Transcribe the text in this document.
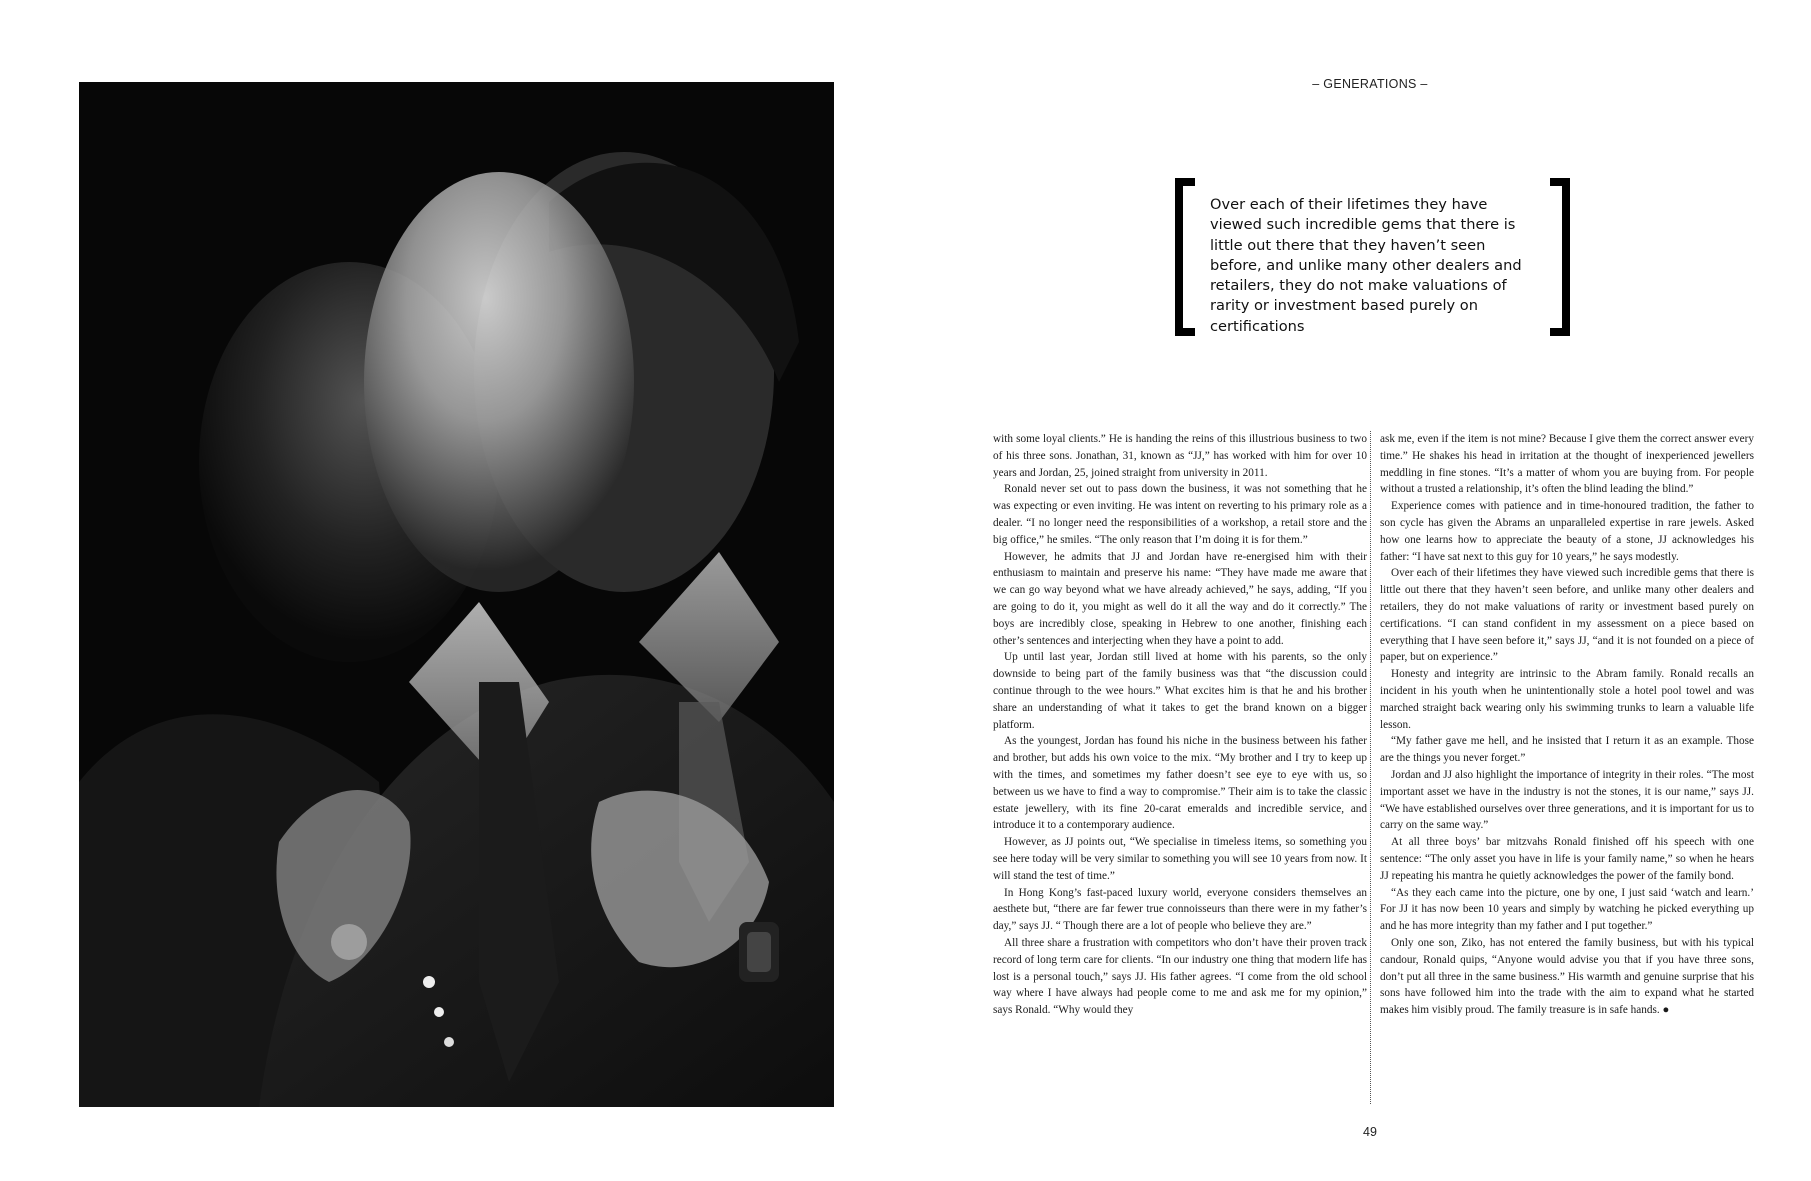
– GENERATIONS –

Over each of their lifetimes they have viewed such incredible gems that there is little out there that they haven’t seen before, and unlike many other dealers and retailers, they do not make valuations of rarity or investment based purely on certifications

with some loyal clients.” He is handing the reins of this illustrious business to two of his three sons. Jonathan, 31, known as “JJ,” has worked with him for over 10 years and Jordan, 25, joined straight from university in 2011.

Ronald never set out to pass down the business, it was not something that he was expecting or even inviting. He was intent on reverting to his primary role as a dealer. “I no longer need the responsibilities of a workshop, a retail store and the big office,” he smiles. “The only reason that I’m doing it is for them.”

However, he admits that JJ and Jordan have re-energised him with their enthusiasm to maintain and preserve his name: “They have made me aware that we can go way beyond what we have already achieved,” he says, adding, “If you are going to do it, you might as well do it all the way and do it correctly.” The boys are incredibly close, speaking in Hebrew to one another, finishing each other’s sentences and interjecting when they have a point to add.

Up until last year, Jordan still lived at home with his parents, so the only downside to being part of the family business was that “the discussion could continue through to the wee hours.” What excites him is that he and his brother share an understanding of what it takes to get the brand known on a bigger platform.

As the youngest, Jordan has found his niche in the business between his father and brother, but adds his own voice to the mix. “My brother and I try to keep up with the times, and sometimes my father doesn’t see eye to eye with us, so between us we have to find a way to compromise.” Their aim is to take the classic estate jewellery, with its fine 20-carat emeralds and incredible service, and introduce it to a contemporary audience.

However, as JJ points out, “We specialise in timeless items, so something you see here today will be very similar to something you will see 10 years from now. It will stand the test of time.”

In Hong Kong’s fast-paced luxury world, everyone considers themselves an aesthete but, “there are far fewer true connoisseurs than there were in my father’s day,” says JJ. “ Though there are a lot of people who believe they are.”

All three share a frustration with competitors who don’t have their proven track record of long term care for clients. “In our industry one thing that modern life has lost is a personal touch,” says JJ. His father agrees. “I come from the old school way where I have always had people come to me and ask me for my opinion,” says Ronald. “Why would they

ask me, even if the item is not mine? Because I give them the correct answer every time.” He shakes his head in irritation at the thought of inexperienced jewellers meddling in fine stones. “It’s a matter of whom you are buying from. For people without a trusted a relationship, it’s often the blind leading the blind.”

Experience comes with patience and in time-honoured tradition, the father to son cycle has given the Abrams an unparalleled expertise in rare jewels. Asked how one learns how to appreciate the beauty of a stone, JJ acknowledges his father: “I have sat next to this guy for 10 years,” he says modestly.

Over each of their lifetimes they have viewed such incredible gems that there is little out there that they haven’t seen before, and unlike many other dealers and retailers, they do not make valuations of rarity or investment based purely on certifications. “I can stand confident in my assessment on a piece based on everything that I have seen before it,” says JJ, “and it is not founded on a piece of paper, but on experience.”

Honesty and integrity are intrinsic to the Abram family. Ronald recalls an incident in his youth when he unintentionally stole a hotel pool towel and was marched straight back wearing only his swimming trunks to learn a valuable life lesson.

“My father gave me hell, and he insisted that I return it as an example. Those are the things you never forget.”

Jordan and JJ also highlight the importance of integrity in their roles. “The most important asset we have in the industry is not the stones, it is our name,” says JJ. “We have established ourselves over three generations, and it is important for us to carry on the same way.”

At all three boys’ bar mitzvahs Ronald finished off his speech with one sentence: “The only asset you have in life is your family name,” so when he hears JJ repeating his mantra he quietly acknowledges the power of the family bond.

“As they each came into the picture, one by one, I just said ‘watch and learn.’ For JJ it has now been 10 years and simply by watching he picked everything up and he has more integrity than my father and I put together.”

Only one son, Ziko, has not entered the family business, but with his typical candour, Ronald quips, “Anyone would advise you that if you have three sons, don’t put all three in the same business.” His warmth and genuine surprise that his sons have followed him into the trade with the aim to expand what he started makes him visibly proud. The family treasure is in safe hands. ●

49
